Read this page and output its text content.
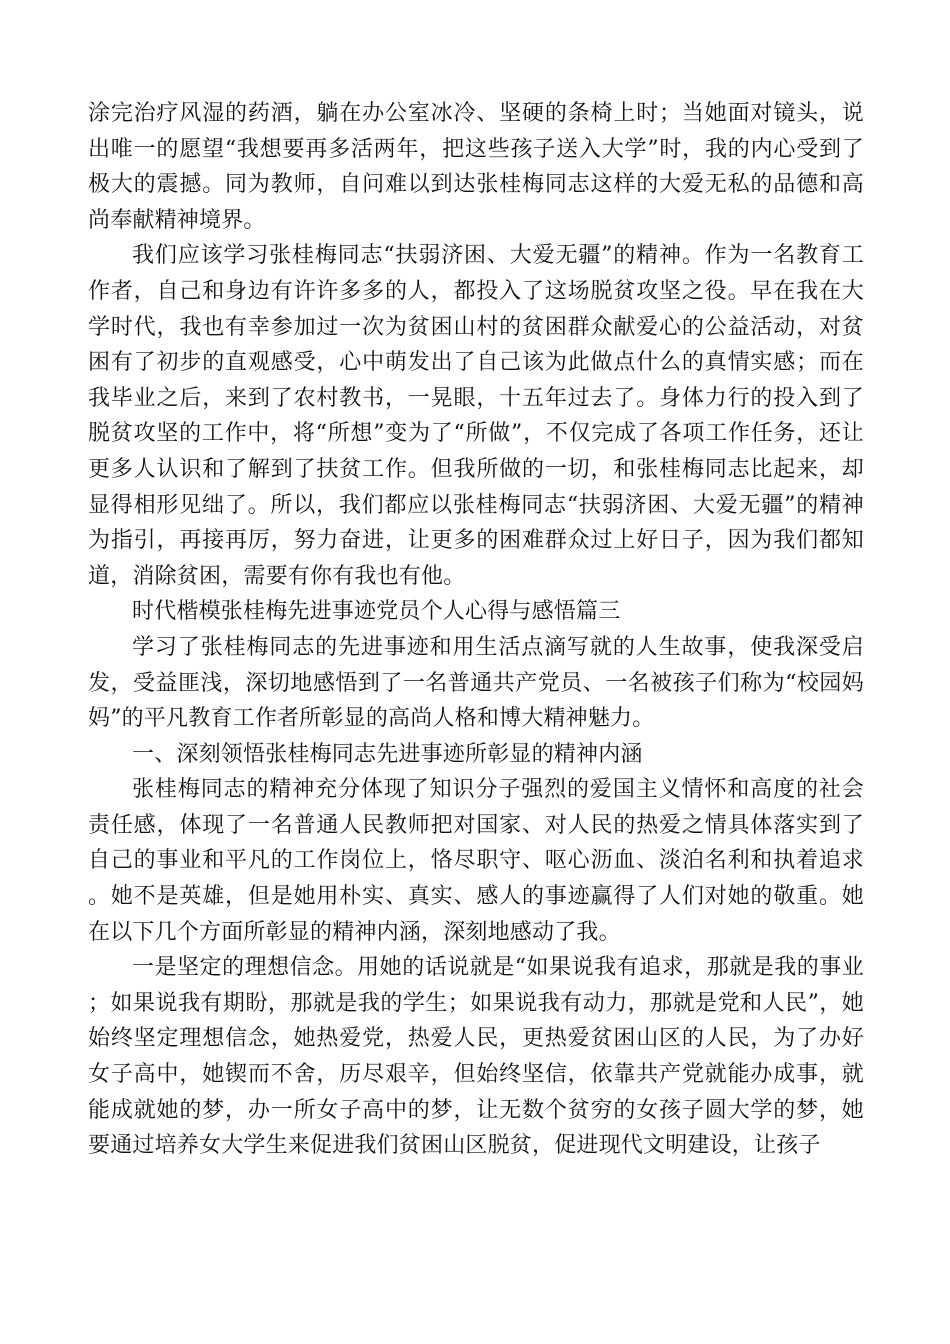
涂完治疗风湿的药酒，躺在办公室冰冷、坚硬的条椅上时；当她面对镜头，说出唯一的愿望“我想要再多活两年，把这些孩子送入大学”时，我的内心受到了极大的震撼。同为教师，自问难以到达张桂梅同志这样的大爱无私的品德和高尚奉献精神境界。

我们应该学习张桂梅同志“扶弱济困、大爱无疆”的精神。作为一名教育工作者，自己和身边有许许多多的人，都投入了这场脱贫攻坚之役。早在我在大学时代，我也有幸参加过一次为贫困山村的贫困群众献爱心的公益活动，对贫困有了初步的直观感受，心中萌发出了自己该为此做点什么的真情实感；而在我毕业之后，来到了农村教书，一晃眼，十五年过去了。身体力行的投入到了脱贫攻坚的工作中，将“所想”变为了“所做”，不仅完成了各项工作任务，还让更多人认识和了解到了扶贫工作。但我所做的一切，和张桂梅同志比起来，却显得相形见绌了。所以，我们都应以张桂梅同志“扶弱济困、大爱无疆”的精神为指引，再接再厉，努力奋进，让更多的困难群众过上好日子，因为我们都知道，消除贫困，需要有你有我也有他。

时代楷模张桂梅先进事迹党员个人心得与感悟篇三

学习了张桂梅同志的先进事迹和用生活点滴写就的人生故事，使我深受启发，受益匪浅，深切地感悟到了一名普通共产党员、一名被孩子们称为“校园妈妈”的平凡教育工作者所彰显的高尚人格和博大精神魅力。

一、深刻领悟张桂梅同志先进事迹所彰显的精神内涵

张桂梅同志的精神充分体现了知识分子强烈的爱国主义情怀和高度的社会责任感，体现了一名普通人民教师把对国家、对人民的热爱之情具体落实到了自己的事业和平凡的工作岗位上，恪尽职守、呕心沥血、淡泊名利和执着追求。她不是英雄，但是她用朴实、真实、感人的事迹赢得了人们对她的敬重。她在以下几个方面所彰显的精神内涵，深刻地感动了我。

一是坚定的理想信念。用她的话说就是“如果说我有追求，那就是我的事业；如果说我有期盼，那就是我的学生；如果说我有动力，那就是党和人民”，她始终坚定理想信念，她热爱党，热爱人民，更热爱贫困山区的人民，为了办好女子高中，她锲而不舍，历尽艰辛，但始终坚信，依靠共产党就能办成事，就能成就她的梦，办一所女子高中的梦，让无数个贫穷的女孩子圆大学的梦，她要通过培养女大学生来促进我们贫困山区脱贫，促进现代文明建设，让孩子
